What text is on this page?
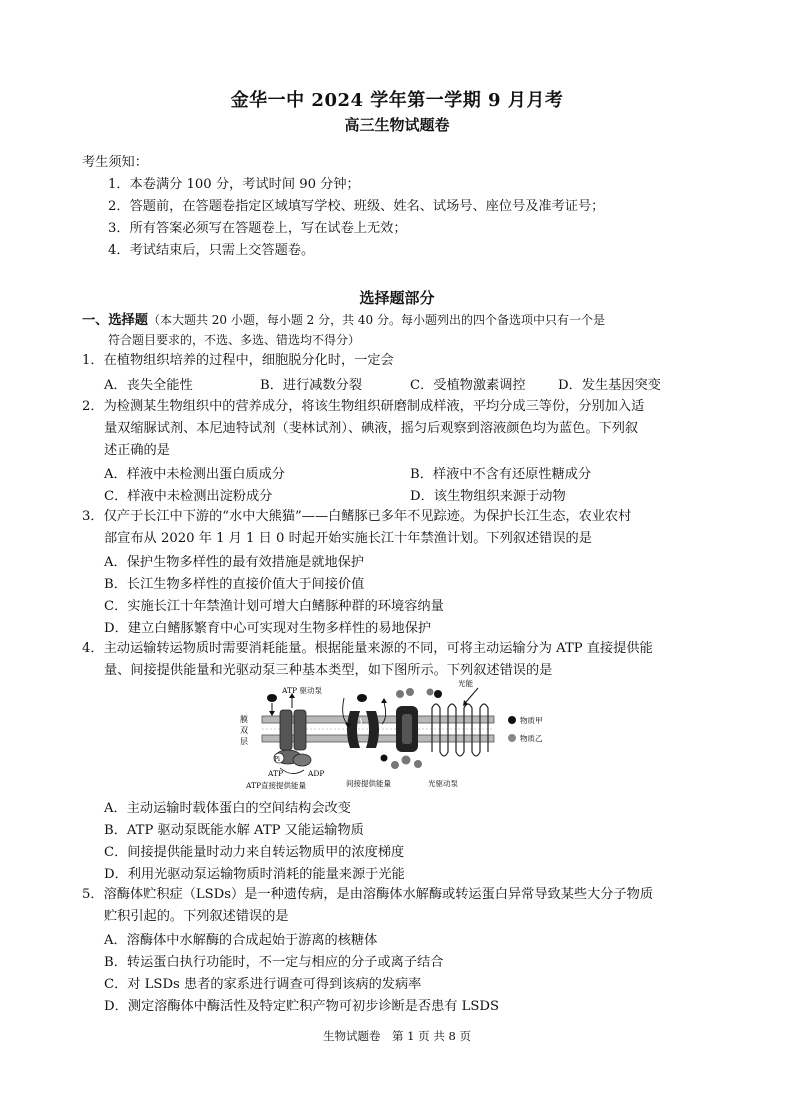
金华一中 2024 学年第一学期 9 月月考
高三生物试题卷
考生须知：
1．本卷满分 100 分，考试时间 90 分钟；
2．答题前，在答题卷指定区域填写学校、班级、姓名、试场号、座位号及准考证号；
3．所有答案必须写在答题卷上，写在试卷上无效；
4．考试结束后，只需上交答题卷。
选择题部分
一、选择题（本大题共 20 小题，每小题 2 分，共 40 分。每小题列出的四个备选项中只有一个是
符合题目要求的，不选、多选、错选均不得分）
1．在植物组织培养的过程中，细胞脱分化时，一定会
A．丧失全能性	B．进行减数分裂	C．受植物激素调控 D．发生基因突变
2．为检测某生物组织中的营养成分，将该生物组织研磨制成样液，平均分成三等份，分别加入适
量双缩脲试剂、本尼迪特试剂（斐林试剂）、碘液，摇匀后观察到溶液颜色均为蓝色。下列叙
述正确的是
A．样液中未检测出蛋白质成分	B．样液中不含有还原性糖成分
C．样液中未检测出淀粉成分	D．该生物组织来源于动物
3．仅产于长江中下游的“水中大熊猫”——白鳍豚已多年不见踪迹。为保护长江生态，农业农村
部宣布从 2020 年 1 月 1 日 0 时起开始实施长江十年禁渔计划。下列叙述错误的是
A．保护生物多样性的最有效措施是就地保护
B．长江生物多样性的直接价值大于间接价值
C．实施长江十年禁渔计划可增大白鳍豚种群的环境容纳量
D．建立白鳍豚繁育中心可实现对生物多样性的易地保护
4．主动运输转运物质时需要消耗能量。根据能量来源的不同，可将主动运输分为 ATP 直接提供能
量、间接提供能量和光驱动泵三种基本类型，如下图所示。下列叙述错误的是
膜
双
层
ATP 驱动泵
Pi
ATP	ADP
ATP直接提供能量	间接提供能量
光能
光驱动泵
物质甲
物质乙
A．主动运输时载体蛋白的空间结构会改变
B．ATP 驱动泵既能水解 ATP 又能运输物质
C．间接提供能量时动力来自转运物质甲的浓度梯度
D．利用光驱动泵运输物质时消耗的能量来源于光能
5．溶酶体贮积症（LSDs）是一种遗传病，是由溶酶体水解酶或转运蛋白异常导致某些大分子物质
贮积引起的。下列叙述错误的是
A．溶酶体中水解酶的合成起始于游离的核糖体
B．转运蛋白执行功能时，不一定与相应的分子或离子结合
C．对 LSDs 患者的家系进行调查可得到该病的发病率
D．测定溶酶体中酶活性及特定贮积产物可初步诊断是否患有 LSDS
生物试题卷　第 1 页 共 8 页
